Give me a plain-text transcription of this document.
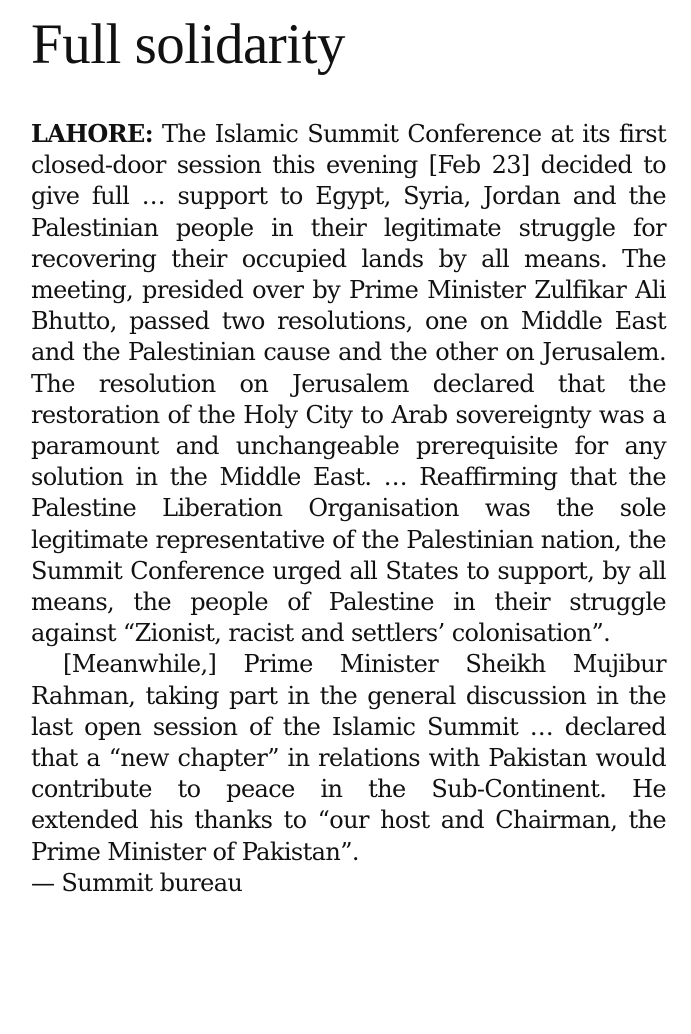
Full solidarity

LAHORE: The Islamic Summit Conference at its first closed-door session this evening [Feb 23] decided to give full … support to Egypt, Syria, Jordan and the Palestinian people in their legitimate struggle for recovering their occupied lands by all means. The meeting, presided over by Prime Minister Zulfikar Ali Bhutto, passed two resolutions, one on Middle East and the Palestinian cause and the other on Jerusalem. The resolution on Jerusalem declared that the restoration of the Holy City to Arab sovereignty was a paramount and unchangeable prerequisite for any solution in the Middle East. … Reaffirming that the Palestine Liberation Organisation was the sole legitimate representative of the Palestinian nation, the Summit Conference urged all States to support, by all means, the people of Palestine in their struggle against “Zionist, racist and settlers’ colonisation”.

[Meanwhile,] Prime Minister Sheikh Mujibur Rahman, taking part in the general discussion in the last open session of the Islamic Summit … declared that a “new chapter” in relations with Pakistan would contribute to peace in the Sub-Continent. He extended his thanks to “our host and Chairman, the Prime Minister of Pakistan”.

— Summit bureau
